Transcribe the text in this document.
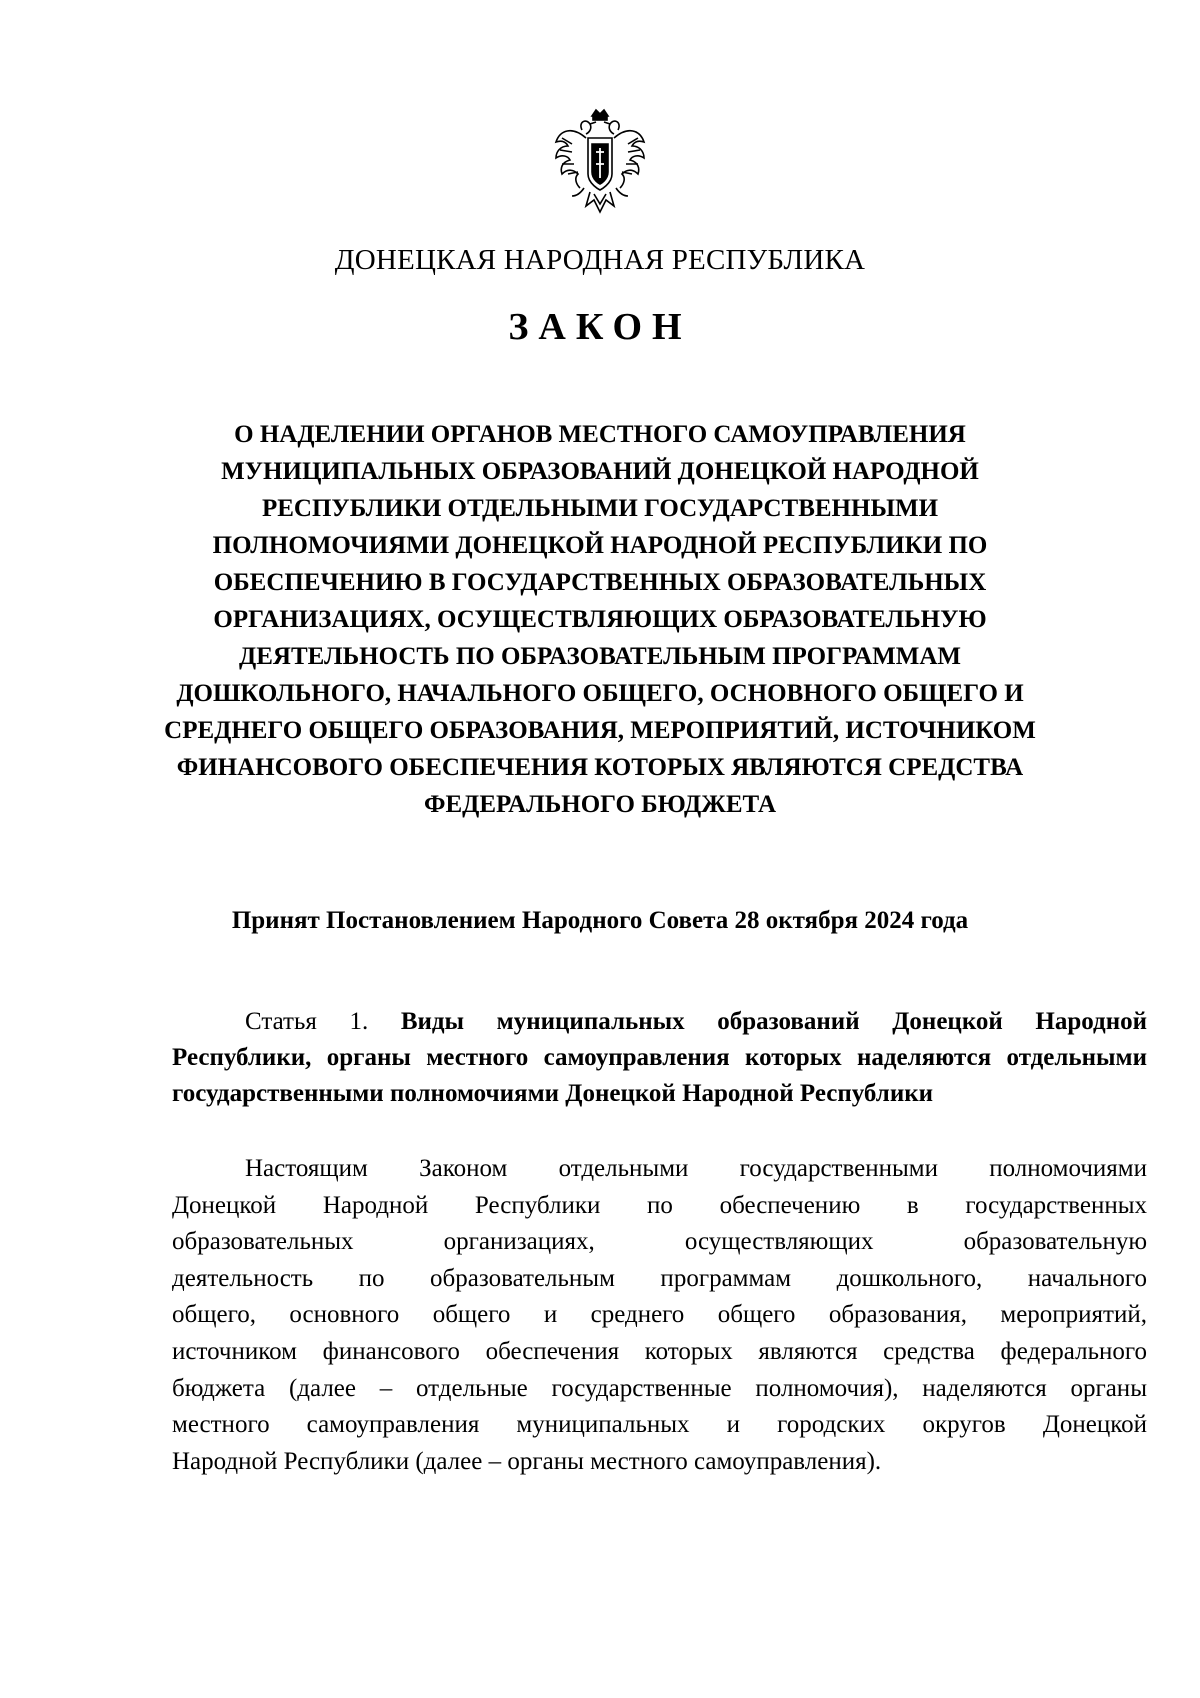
ДОНЕЦКАЯ НАРОДНАЯ РЕСПУБЛИКА
ЗАКОН
О НАДЕЛЕНИИ ОРГАНОВ МЕСТНОГО САМОУПРАВЛЕНИЯ
МУНИЦИПАЛЬНЫХ ОБРАЗОВАНИЙ ДОНЕЦКОЙ НАРОДНОЙ
РЕСПУБЛИКИ ОТДЕЛЬНЫМИ ГОСУДАРСТВЕННЫМИ
ПОЛНОМОЧИЯМИ ДОНЕЦКОЙ НАРОДНОЙ РЕСПУБЛИКИ ПО
ОБЕСПЕЧЕНИЮ В ГОСУДАРСТВЕННЫХ ОБРАЗОВАТЕЛЬНЫХ
ОРГАНИЗАЦИЯХ, ОСУЩЕСТВЛЯЮЩИХ ОБРАЗОВАТЕЛЬНУЮ
ДЕЯТЕЛЬНОСТЬ ПО ОБРАЗОВАТЕЛЬНЫМ ПРОГРАММАМ
ДОШКОЛЬНОГО, НАЧАЛЬНОГО ОБЩЕГО, ОСНОВНОГО ОБЩЕГО И
СРЕДНЕГО ОБЩЕГО ОБРАЗОВАНИЯ, МЕРОПРИЯТИЙ, ИСТОЧНИКОМ
ФИНАНСОВОГО ОБЕСПЕЧЕНИЯ КОТОРЫХ ЯВЛЯЮТСЯ СРЕДСТВА
ФЕДЕРАЛЬНОГО БЮДЖЕТА
Принят Постановлением Народного Совета 28 октября 2024 года
Статья 1. Виды муниципальных образований Донецкой Народной
Республики, органы местного самоуправления которых наделяются отдельными
государственными полномочиями Донецкой Народной Республики
Настоящим Законом отдельными государственными полномочиями
Донецкой Народной Республики по обеспечению в государственных
образовательных организациях, осуществляющих образовательную
деятельность по образовательным программам дошкольного, начального
общего, основного общего и среднего общего образования, мероприятий,
источником финансового обеспечения которых являются средства федерального
бюджета (далее – отдельные государственные полномочия), наделяются органы
местного самоуправления муниципальных и городских округов Донецкой
Народной Республики (далее – органы местного самоуправления).
